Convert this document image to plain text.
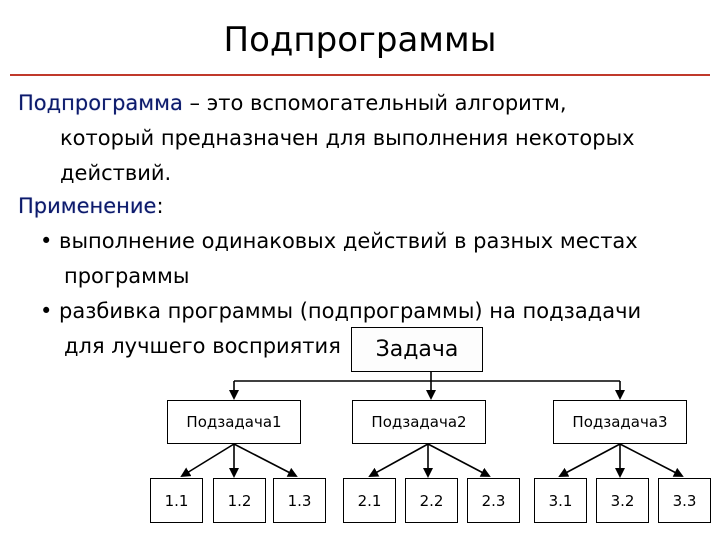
Подпрограммы
Подпрограмма – это вспомогательный алгоритм,
который предназначен для выполнения некоторых
действий.
Применение:
• выполнение одинаковых действий в разных местах
программы
• разбивка программы (подпрограммы) на подзадачи
для лучшего восприятия	Задача
Подзадача1	Подзадача2	Подзадача3
1.1	1.2	1.3	2.1	2.2	2.3	3.1	3.2	3.3
